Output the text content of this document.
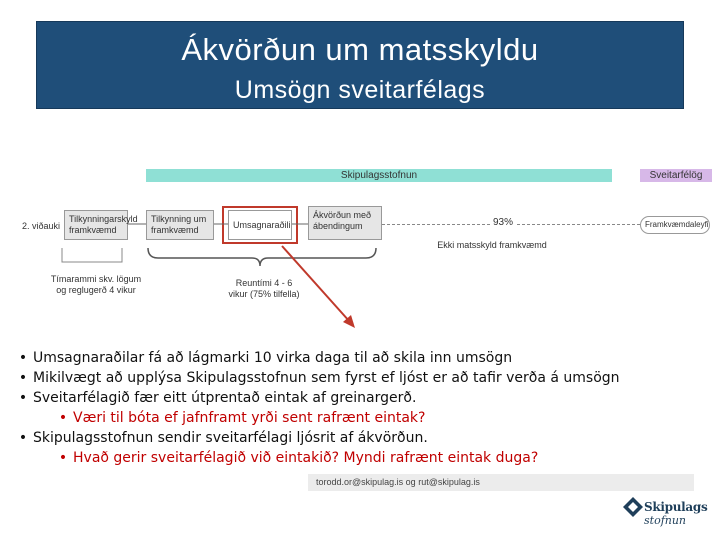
Ákvörðun um matsskyldu
Umsögn sveitarfélags
Skipulagsstofnun	Sveitarfélög
2. viðauki
Tilkynningarskyld framkvæmd
Tilkynning um framkvæmd	Umsagnaraðili
Ákvörðun með ábendingum	93%	Framkvæmdaleyfi
Ekki matsskyld framkvæmd
Tímarammi skv. lögum og reglugerð 4 vikur
Reuntími 4 - 6 vikur (75% tilfella)
• Umsagnaraðilar fá að lágmarki 10 virka daga til að skila inn umsögn
• Mikilvægt að upplýsa Skipulagsstofnun sem fyrst ef ljóst er að tafir verða á umsögn
• Sveitarfélagið fær eitt útprentað eintak af greinargerð.
• Væri til bóta ef jafnframt yrði sent rafrænt eintak?
• Skipulagsstofnun sendir sveitarfélagi ljósrit af ákvörðun.
• Hvað gerir sveitarfélagið við eintakið? Myndi rafrænt eintak duga?
torodd.or@skipulag.is og rut@skipulag.is
Skipulags
stofnun
